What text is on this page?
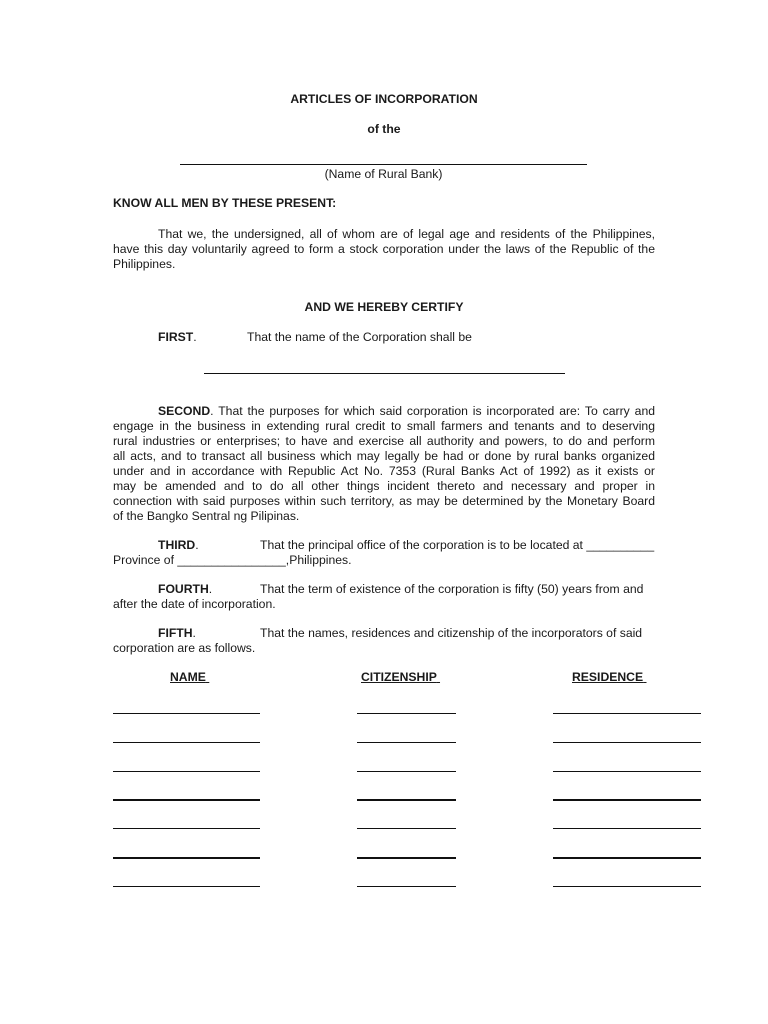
ARTICLES OF INCORPORATION
of the
(Name of Rural Bank)
KNOW ALL MEN BY THESE PRESENT:
That we, the undersigned, all of whom are of legal age and residents of the Philippines,
have this day voluntarily agreed to form a stock corporation under the laws of the Republic of the
Philippines.
AND WE HEREBY CERTIFY
FIRST.	That the name of the Corporation shall be
SECOND. That the purposes for which said corporation is incorporated are: To carry and
engage in the business in extending rural credit to small farmers and tenants and to deserving
rural industries or enterprises; to have and exercise all authority and powers, to do and perform
all acts, and to transact all business which may legally be had or done by rural banks organized
under and in accordance with Republic Act No. 7353 (Rural Banks Act of 1992) as it exists or
may be amended and to do all other things incident thereto and necessary and proper in
connection with said purposes within such territory, as may be determined by the Monetary Board
of the Bangko Sentral ng Pilipinas.
THIRD.	That the principal office of the corporation is to be located at __________
Province of ________________,Philippines.
FOURTH.	That the term of existence of the corporation is fifty (50) years from and
after the date of incorporation.
FIFTH.	That the names, residences and citizenship of the incorporators of said
corporation are as follows.
NAME	CITIZENSHIP	RESIDENCE
